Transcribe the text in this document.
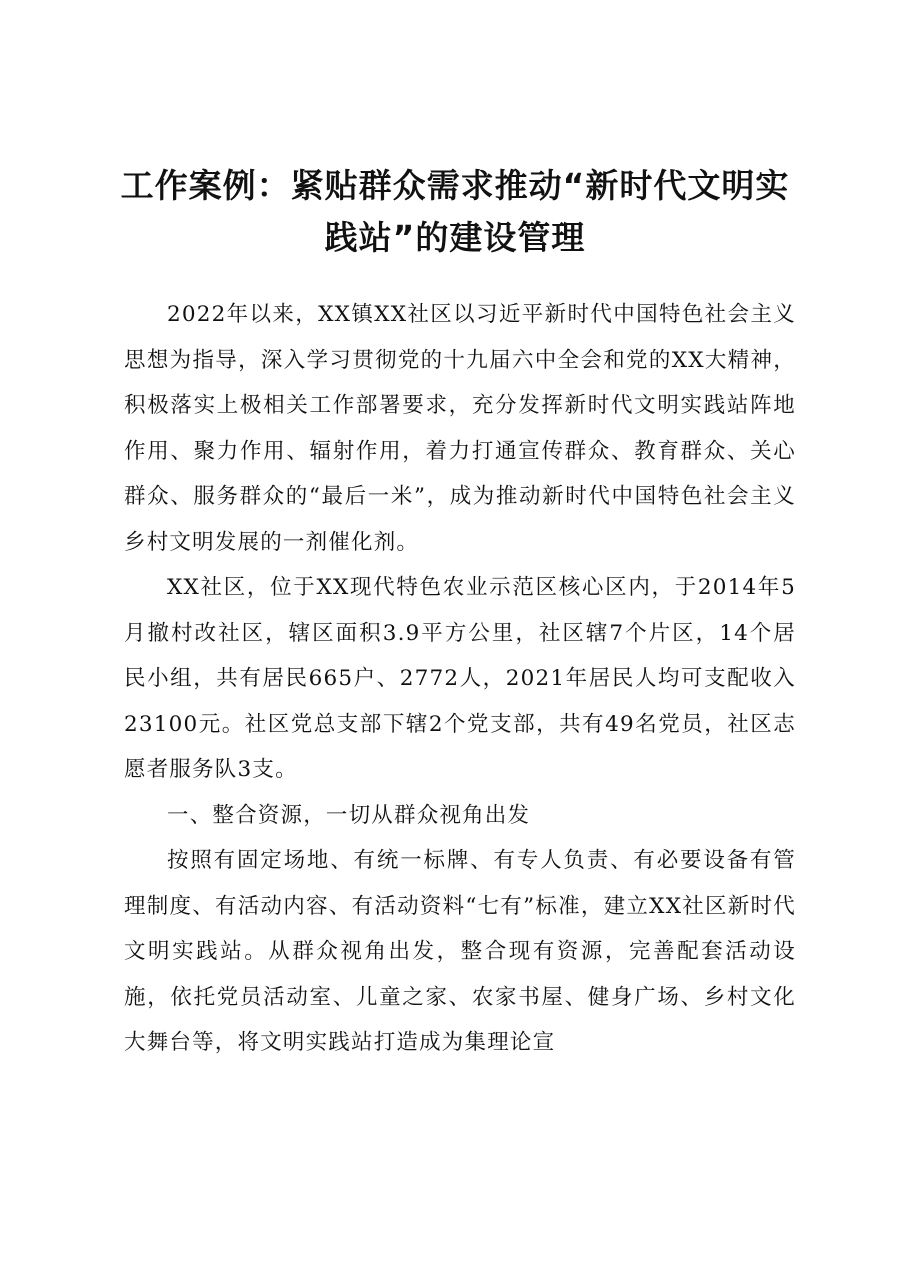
工作案例：紧贴群众需求推动“新时代文明实
践站”的建设管理

2022年以来，XX镇XX社区以习近平新时代中国特色社会主义思想为指导，深入学习贯彻党的十九届六中全会和党的XX大精神，积极落实上极相关工作部署要求，充分发挥新时代文明实践站阵地作用、聚力作用、辐射作用，着力打通宣传群众、教育群众、关心群众、服务群众的“最后一米”，成为推动新时代中国特色社会主义乡村文明发展的一剂催化剂。

XX社区，位于XX现代特色农业示范区核心区内，于2014年5月撤村改社区，辖区面积3.9平方公里，社区辖7个片区，14个居民小组，共有居民665户、2772人，2021年居民人均可支配收入23100元。社区党总支部下辖2个党支部，共有49名党员，社区志愿者服务队3支。

一、整合资源，一切从群众视角出发

按照有固定场地、有统一标牌、有专人负责、有必要设备有管理制度、有活动内容、有活动资料“七有”标准，建立XX社区新时代文明实践站。从群众视角出发，整合现有资源，完善配套活动设施，依托党员活动室、儿童之家、农家书屋、健身广场、乡村文化大舞台等，将文明实践站打造成为集理论宣
